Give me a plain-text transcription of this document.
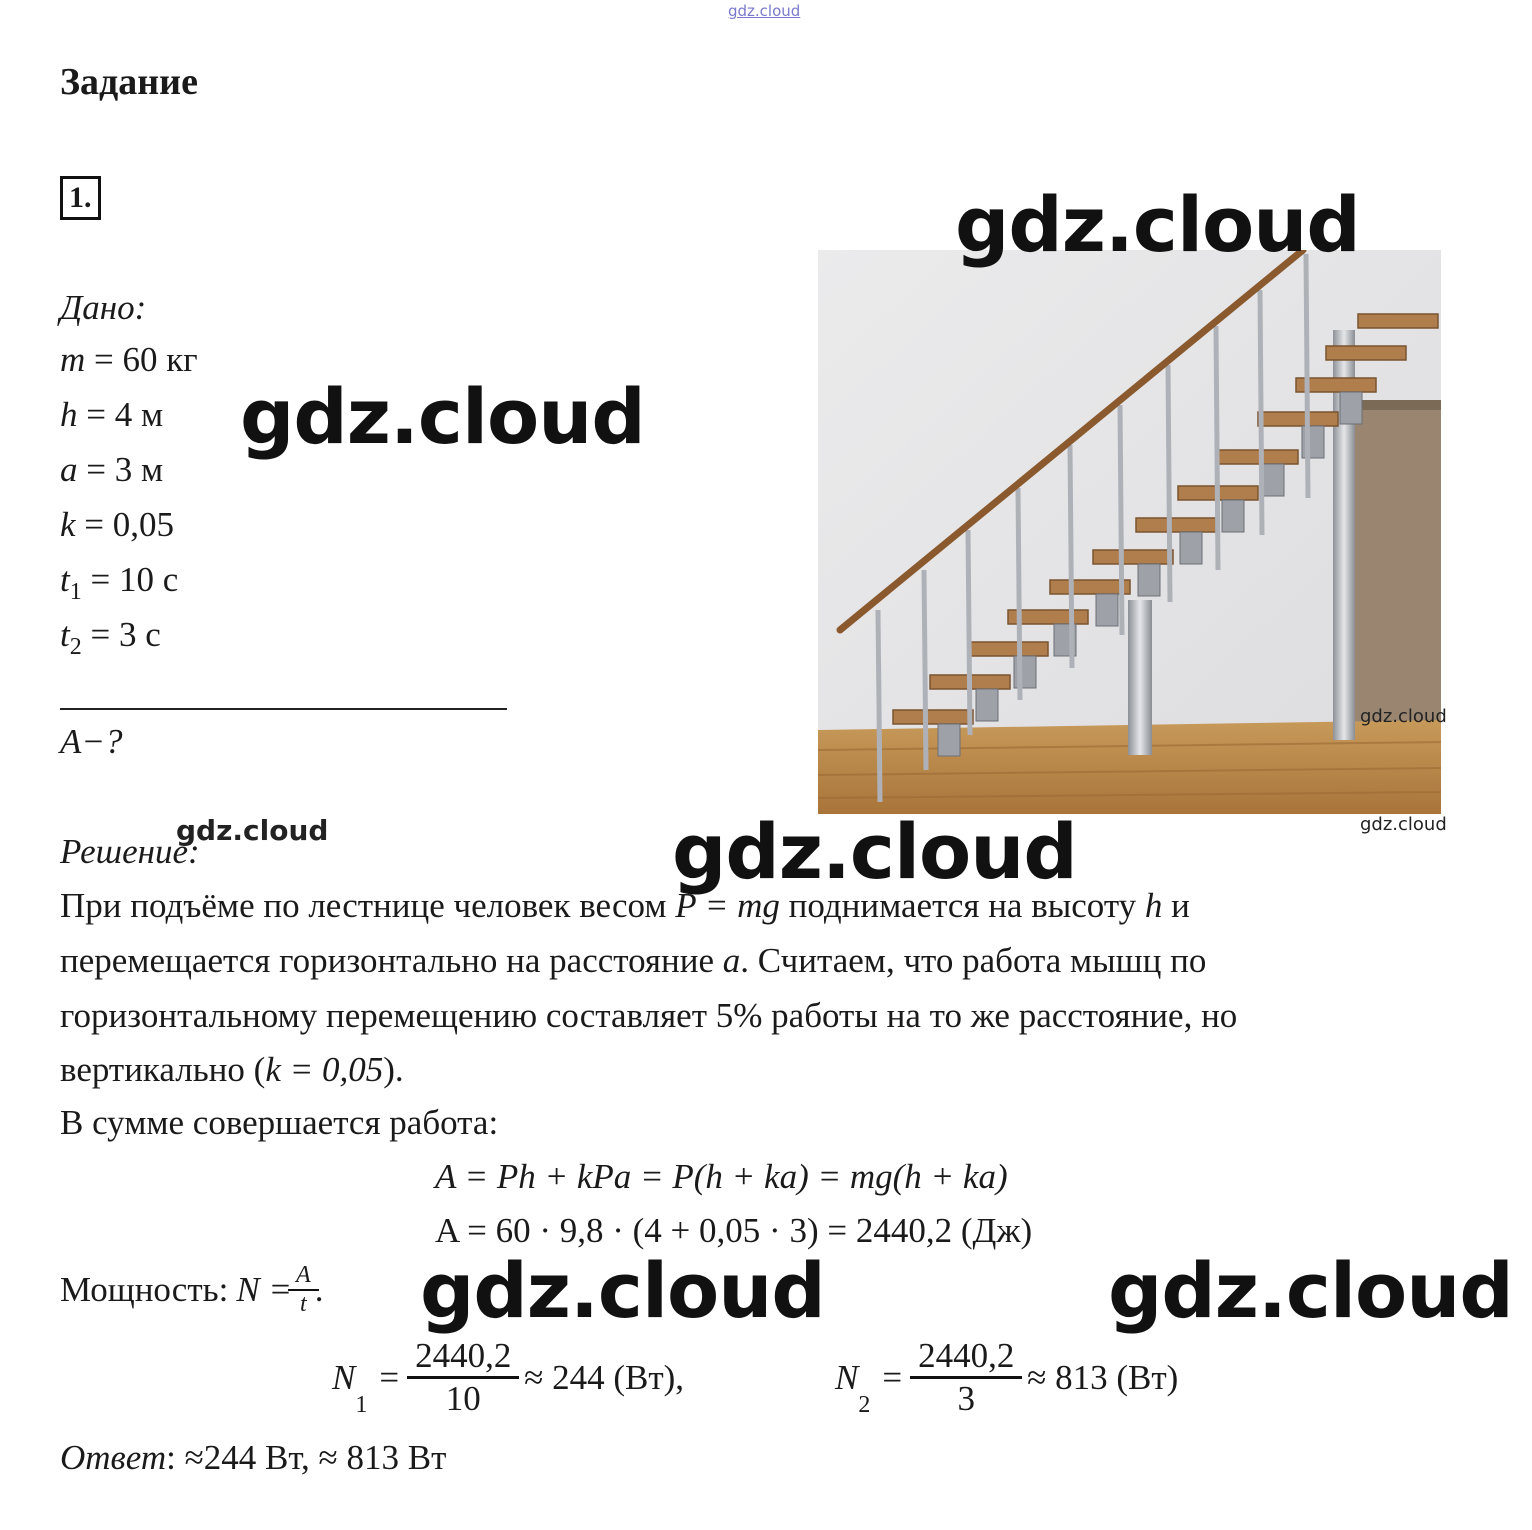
gdz.cloud
Задание
1.
Дано:
m = 60 кг
h = 4 м
a = 3 м
k = 0,05
$t_1 = 10$ с
$t_2 = 3$ с
A−?
gdz.cloud
gdz.cloud
gdz.cloud
gdz.cloud	gdz.cloud
gdz.cloud
gdz.cloud
gdz.cloud
Решение:
При подъёме по лестнице человек весом P = mg поднимается на высоту h и
перемещается горизонтально на расстояние a. Считаем, что работа мышц по
горизонтальному перемещению составляет 5% работы на то же расстояние, но
вертикально (k = 0,05).
В сумме совершается работа:
A = Ph + kPa = P(h + ka) = mg(h + ka)
A = 60 · 9,8 · (4 + 0,05 · 3) = 2440,2 (Дж)
Мощность: $N = \frac{A}{t}$ .
N
$_1$
= $\frac{2440,2}{10} \approx 244$ (Вт),	N
$_2$
= $\frac{2440,2}{3} \approx 813$ (Вт)
Ответ: ≈244 Вт, ≈ 813 Вт
